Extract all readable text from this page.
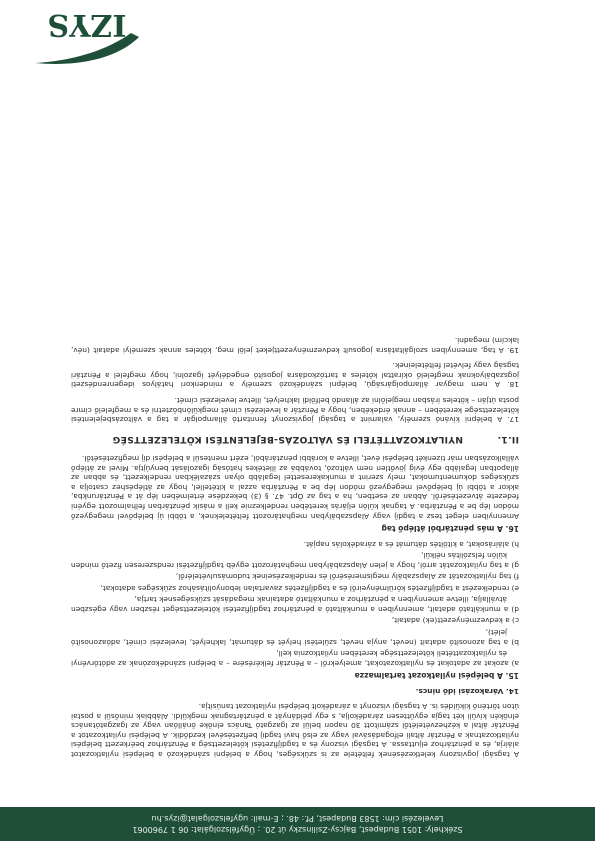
Székhely: 1051 Budapest, Bajcsy-Zsilinszky út 20. ; Ügyfélszolgálat: 06 1 7960061
Levelezési cím: 1583 Budapest, Pf.: 48. ; E-mail: ugyfelszolgalat@izys.hu

A tagsági jogviszony keletkezésének feltétele az is szükséges, hogy a belépni szándékozó a belépési nyilatkozatot aláírja, és a pénztárhoz eljuttassa. A tagsági viszony és a tagdíjfizetési kötelezettség a Pénztárhoz beérkezett belépési nyilatkozatnak a Pénztár általi elfogadásával vagy az első havi tagdíj befizetésével kezdődik. A belépési nyilatkozatot a Pénztár által a kézhezvételétől számított 30 napon belül az Igazgató Tanács elnöke önállóan vagy az Igazgatótanács elnökén kívüli két tagja együttesen záradékolja, s egy példányát a pénztártagnak megküldi. Alábbiak minősül a postai úton történő kiküldés is. A tagsági viszonyt a záradékolt belépési nyilatkozat tanúsítja.

14. Várakozási idő nincs.

15. A belépési nyilatkozat tartalmazza
a) azokat az adatokat és nyilatkozatokat, amelyekről – a Pénztár felkérésére – a belépni szándékozónak az adótörvényi és nyilatkozattételi kötelezettsége keretében nyilatkoznia kell,
b) a tag azonosító adatait (nevét, anyja nevét, születési helyét és dátumát, lakhelyét, levelezési címét, adóazonosító jelét),
c) a kedvezményezett(ek) adatait,
d) a munkáltató adatait, amennyiben a munkáltató a pénztárhoz tagdíjfizetési kötelezettséget részben vagy egészben átvállalja, illetve amennyiben a pénztárhoz a munkáltató adatainak megadását szükségesnek tartja,
e) rendelkezést a tagdíjfizetés körülményeiről és a tagdíjfizetés zavartalan lebonyolításához szükséges adatokat,
f) tag nyilatkozatát az Alapszabály megismeréséről és rendelkezéseinek tudomásulvételéről,
g) a tag nyilatkozatát arról, hogy a jelen Alapszabályban meghatározott egyéb tagdíjfizetési rendszeresen fizető minden külön felszólítás nélkül,
h) aláírásokat, a kitöltés dátumát és a záradékolás napját.
16. A más pénztárból átlépő tag

Amennyiben eleget tesz a tagdíj vagy Alapszabályban meghatározott feltételeknek, a többi új belépővel megegyező módon lép be a Pénztárba. A tagnak külön eljárás keretében rendelkeznie kell a másik pénztárban felhalmozott egyéni fedezete átvezetéséről. Abban az esetben, ha a tag az Öpt. 47. § (3) bekezdése értelmében lép át a Pénztárunkba, akkor a többi új belépővel megegyező módon lép be a Pénztárba azzal a kitétellel, hogy az átlépéshez csatolja a szükséges dokumentumokat, mely szerint a munkakeresettel legalább olyan százalékban rendelkezett, és abban az állapotban legalább egy évig jövőtlen nem változó, továbbá az illetékes hatóság igazolását benyújtja. Mivel az átlépő vállalkozásban már tizenkét belépési évet, illetve a korábbi pénztárából, ezért mentesül a belépési díj megfizetésétől.

II.1.NYILATKOZATTÉTELI ÉS VÁLTOZÁS-BEJELENTÉSI KÖTELEZETTSÉG

17. A belépni kívánó személy, valamint a tagsági jogviszonyt fenntartó állampolgár a tag a változásbejelentési kötelezettsége keretében – annak érdekében, hogy a Pénztár a levelezési címét megkülönböztetni és a megfelelő címre posta útján – köteles írásban megjelölni az állandó belföldi lakhelyét, illetve levelezési címét.

18. A nem magyar állampolgárságú, belépni szándékozó személy a mindenkori hatályos idegenrendészeti jogszabályoknak megfelelő okirattal köteles a tartózkodásra jogosító engedélyét igazolni, hogy megfelel a Pénztári tagság vagy felvétel feltételeinek.

19. A tag, amennyiben szolgáltatásra jogosult kedvezményezettjeket jelöl meg, köteles annak személyi adatait (név, lakcím) megadni.

IZYS
